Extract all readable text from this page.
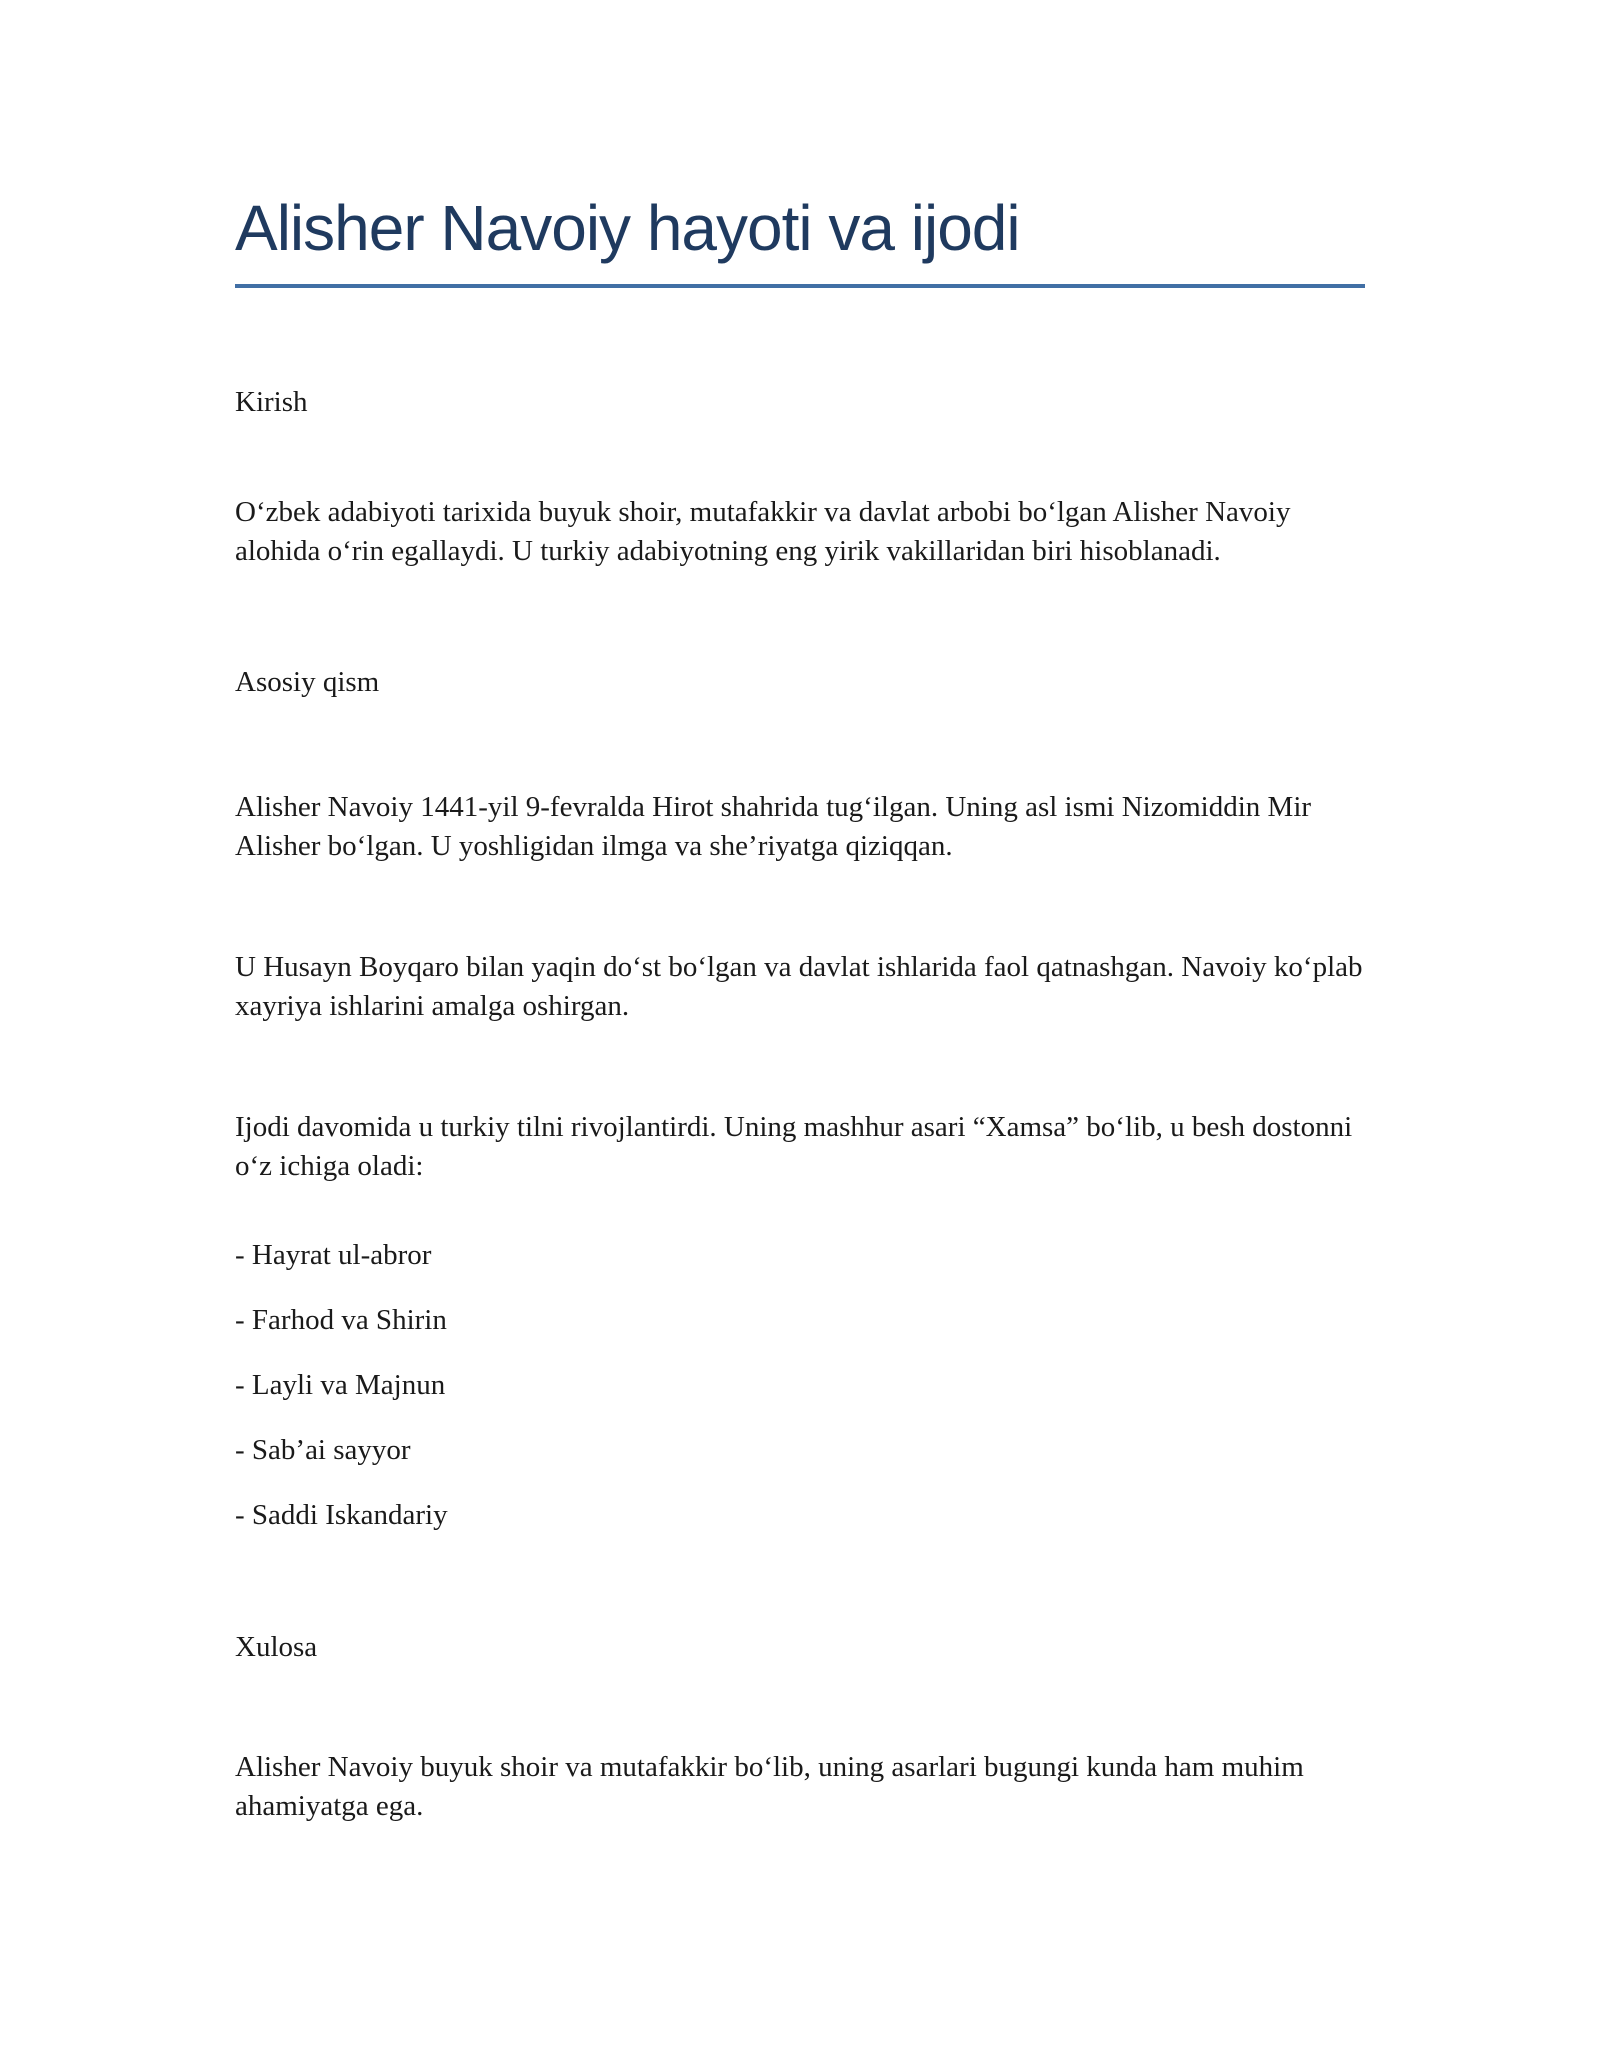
Alisher Navoiy hayoti va ijodi

Kirish

O‘zbek adabiyoti tarixida buyuk shoir, mutafakkir va davlat arbobi bo‘lgan Alisher Navoiy alohida o‘rin egallaydi. U turkiy adabiyotning eng yirik vakillaridan biri hisoblanadi.

Asosiy qism

Alisher Navoiy 1441-yil 9-fevralda Hirot shahrida tug‘ilgan. Uning asl ismi Nizomiddin Mir Alisher bo‘lgan. U yoshligidan ilmga va she’riyatga qiziqqan.

U Husayn Boyqaro bilan yaqin do‘st bo‘lgan va davlat ishlarida faol qatnashgan. Navoiy ko‘plab xayriya ishlarini amalga oshirgan.

Ijodi davomida u turkiy tilni rivojlantirdi. Uning mashhur asari “Xamsa” bo‘lib, u besh dostonni o‘z ichiga oladi:

- Hayrat ul-abror
- Farhod va Shirin
- Layli va Majnun
- Sab’ai sayyor
- Saddi Iskandariy

Xulosa

Alisher Navoiy buyuk shoir va mutafakkir bo‘lib, uning asarlari bugungi kunda ham muhim ahamiyatga ega.
